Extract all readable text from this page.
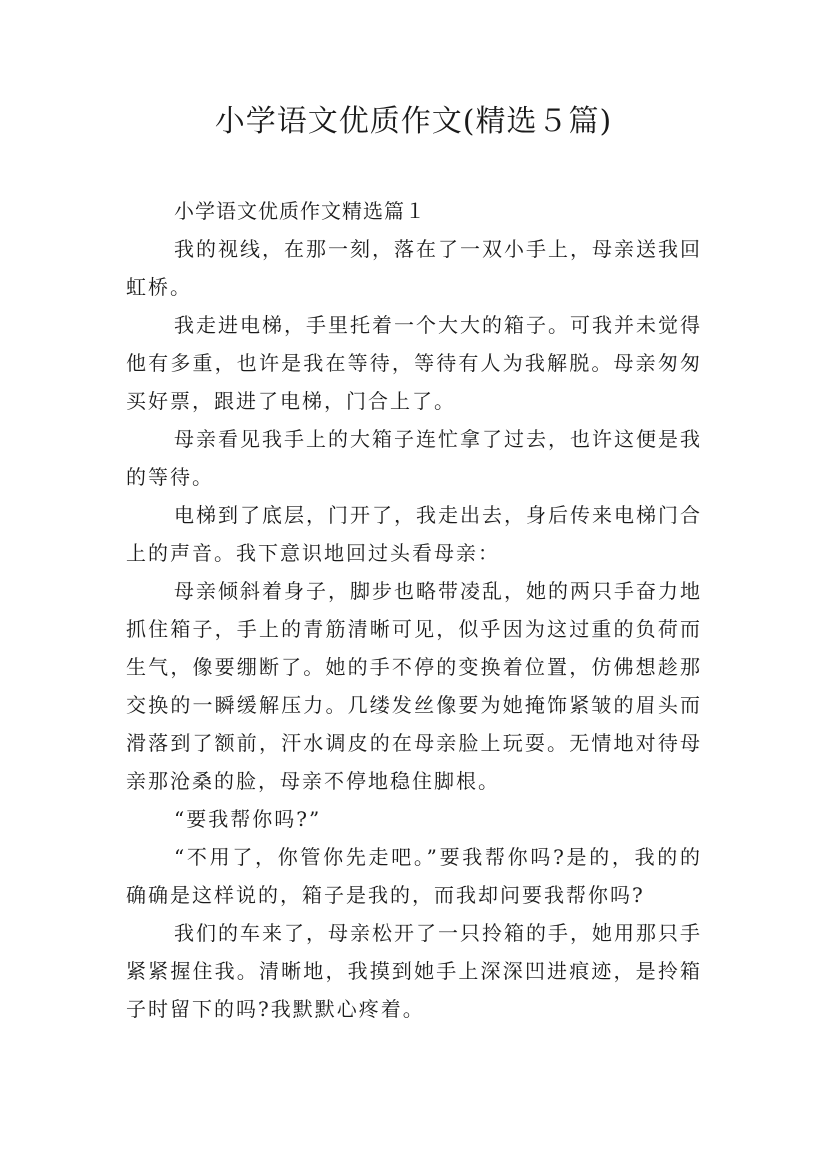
小学语文优质作文(精选５篇)

小学语文优质作文精选篇１

我的视线，在那一刻，落在了一双小手上，母亲送我回虹桥。

我走进电梯，手里托着一个大大的箱子。可我并未觉得他有多重，也许是我在等待，等待有人为我解脱。母亲匆匆买好票，跟进了电梯，门合上了。

母亲看见我手上的大箱子连忙拿了过去，也许这便是我的等待。

电梯到了底层，门开了，我走出去，身后传来电梯门合上的声音。我下意识地回过头看母亲：

母亲倾斜着身子，脚步也略带凌乱，她的两只手奋力地抓住箱子，手上的青筋清晰可见，似乎因为这过重的负荷而生气，像要绷断了。她的手不停的变换着位置，仿佛想趁那交换的一瞬缓解压力。几缕发丝像要为她掩饰紧皱的眉头而滑落到了额前，汗水调皮的在母亲脸上玩耍。无情地对待母亲那沧桑的脸，母亲不停地稳住脚根。

“要我帮你吗?”

“不用了，你管你先走吧。”要我帮你吗?是的，我的的确确是这样说的，箱子是我的，而我却问要我帮你吗?

我们的车来了，母亲松开了一只拎箱的手，她用那只手紧紧握住我。清晰地，我摸到她手上深深凹进痕迹，是拎箱子时留下的吗?我默默心疼着。
